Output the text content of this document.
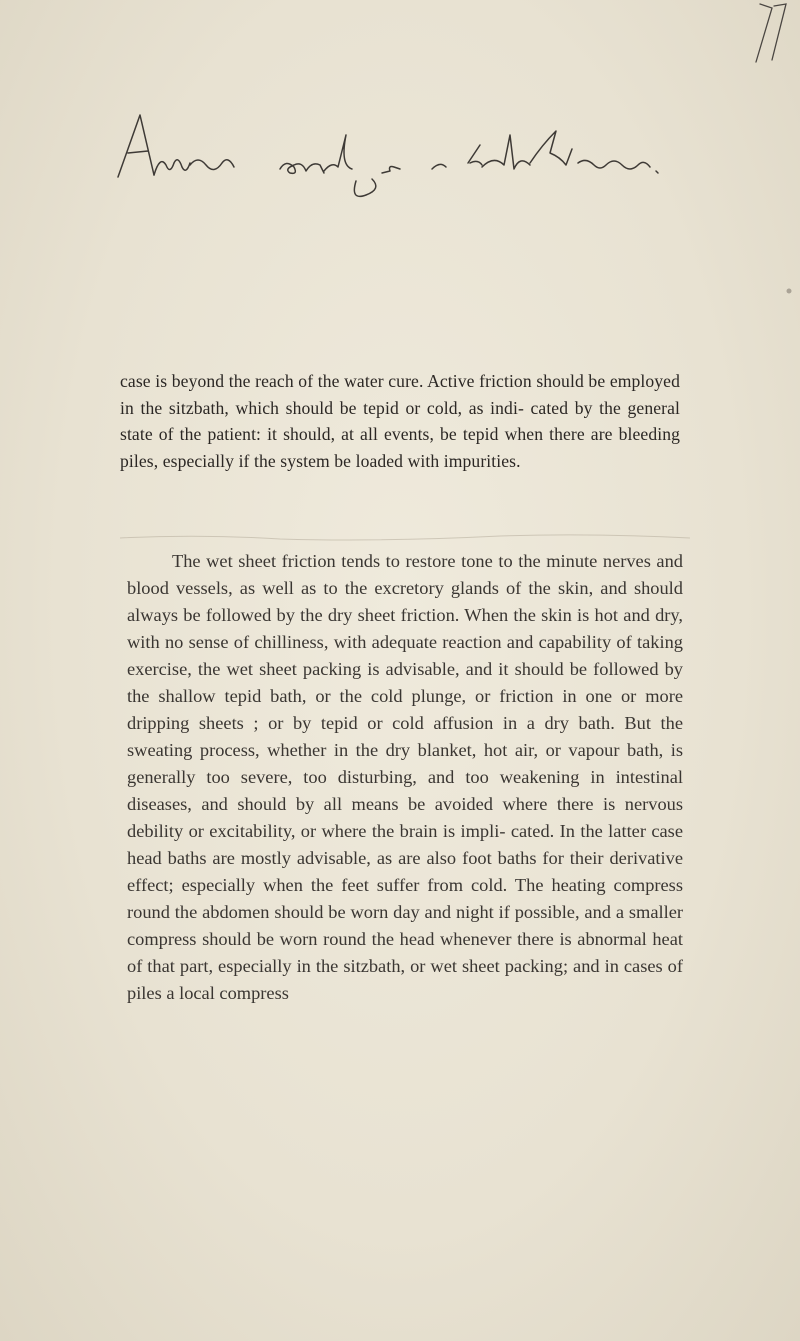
case is beyond the reach of the water cure. Active friction should be employed in the sitzbath, which should be tepid or cold, as indi- cated by the general state of the patient: it should, at all events, be tepid when there are bleeding piles, especially if the system be loaded with impurities.

The wet sheet friction tends to restore tone to the minute nerves and blood vessels, as well as to the excretory glands of the skin, and should always be followed by the dry sheet friction. When the skin is hot and dry, with no sense of chilliness, with adequate reaction and capability of taking exercise, the wet sheet packing is advisable, and it should be followed by the shallow tepid bath, or the cold plunge, or friction in one or more dripping sheets ; or by tepid or cold affusion in a dry bath. But the sweating process, whether in the dry blanket, hot air, or vapour bath, is generally too severe, too disturbing, and too weakening in intestinal diseases, and should by all means be avoided where there is nervous debility or excitability, or where the brain is impli- cated. In the latter case head baths are mostly advisable, as are also foot baths for their derivative effect; especially when the feet suffer from cold. The heating compress round the abdomen should be worn day and night if possible, and a smaller compress should be worn round the head whenever there is abnormal heat of that part, especially in the sitzbath, or wet sheet packing; and in cases of piles a local compress
